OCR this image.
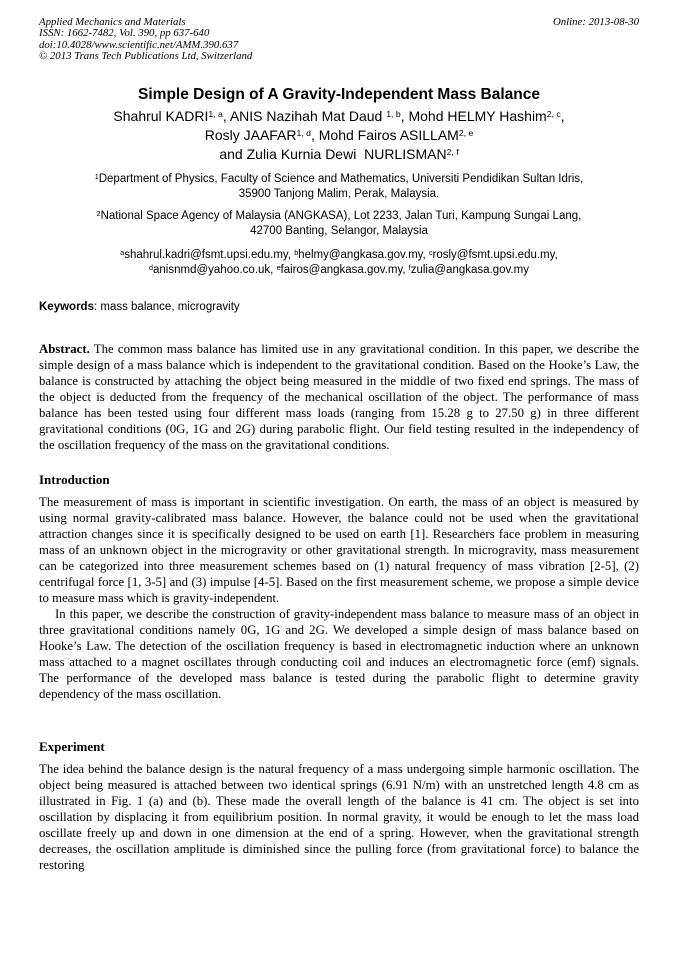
Applied Mechanics and Materials
ISSN: 1662-7482, Vol. 390, pp 637-640
doi:10.4028/www.scientific.net/AMM.390.637
© 2013 Trans Tech Publications Ltd, Switzerland
Online: 2013-08-30
Simple Design of A Gravity-Independent Mass Balance
Shahrul KADRI$^{1, a}$, ANIS Nazihah Mat Daud $^{1, b}$, Mohd HELMY Hashim$^{2, c}$,
Rosly JAAFAR$^{1, d}$, Mohd Fairos ASILLAM$^{2, e}$
and Zulia Kurnia Dewi  NURLISMAN$^{2, f}$
$^1$Department of Physics, Faculty of Science and Mathematics, Universiti Pendidikan Sultan Idris,
35900 Tanjong Malim, Perak, Malaysia.
$^2$National Space Agency of Malaysia (ANGKASA), Lot 2233, Jalan Turi, Kampung Sungai Lang,
42700 Banting, Selangor, Malaysia
$^a$shahrul.kadri@fsmt.upsi.edu.my, $^b$helmy@angkasa.gov.my, $^c$rosly@fsmt.upsi.edu.my,
$^d$anisnmd@yahoo.co.uk, $^e$fairos@angkasa.gov.my, $^f$zulia@angkasa.gov.my

Keywords: mass balance, microgravity

Abstract. The common mass balance has limited use in any gravitational condition. In this paper, we describe the simple design of a mass balance which is independent to the gravitational condition. Based on the Hooke’s Law, the balance is constructed by attaching the object being measured in the middle of two fixed end springs. The mass of the object is deducted from the frequency of the mechanical oscillation of the object. The performance of mass balance has been tested using four different mass loads (ranging from 15.28 g to 27.50 g) in three different gravitational conditions (0G, 1G and 2G) during parabolic flight. Our field testing resulted in the independency of the oscillation frequency of the mass on the gravitational conditions.

Introduction

The measurement of mass is important in scientific investigation. On earth, the mass of an object is measured by using normal gravity-calibrated mass balance. However, the balance could not be used when the gravitational attraction changes since it is specifically designed to be used on earth [1]. Researchers face problem in measuring mass of an unknown object in the microgravity or other gravitational strength. In microgravity, mass measurement can be categorized into three measurement schemes based on (1) natural frequency of mass vibration [2-5], (2) centrifugal force [1, 3-5] and (3) impulse [4-5]. Based on the first measurement scheme, we propose a simple device to measure mass which is gravity-independent.

In this paper, we describe the construction of gravity-independent mass balance to measure mass of an object in three gravitational conditions namely 0G, 1G and 2G. We developed a simple design of mass balance based on Hooke’s Law. The detection of the oscillation frequency is based in electromagnetic induction where an unknown mass attached to a magnet oscillates through conducting coil and induces an electromagnetic force (emf) signals. The performance of the developed mass balance is tested during the parabolic flight to determine gravity dependency of the mass oscillation.

Experiment

The idea behind the balance design is the natural frequency of a mass undergoing simple harmonic oscillation. The object being measured is attached between two identical springs (6.91 N/m) with an unstretched length 4.8 cm as illustrated in Fig. 1 (a) and (b). These made the overall length of the balance is 41 cm. The object is set into oscillation by displacing it from equilibrium position. In normal gravity, it would be enough to let the mass load oscillate freely up and down in one dimension at the end of a spring. However, when the gravitational strength decreases, the oscillation amplitude is diminished since the pulling force (from gravitational force) to balance the restoring
